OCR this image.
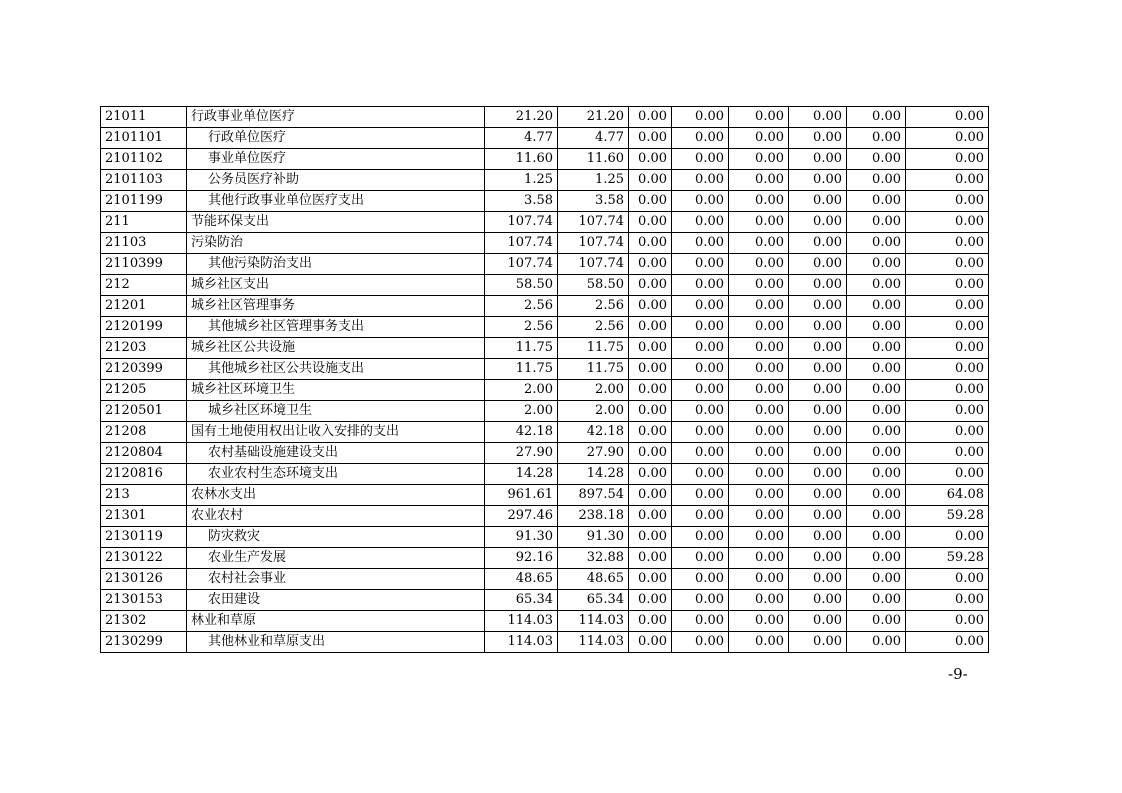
21011	行政事业单位医疗	21.20	21.20	0.00	0.00	0.00	0.00	0.00	0.00
2101101	行政单位医疗	4.77	4.77	0.00	0.00	0.00	0.00	0.00	0.00
2101102	事业单位医疗	11.60	11.60	0.00	0.00	0.00	0.00	0.00	0.00
2101103	公务员医疗补助	1.25	1.25	0.00	0.00	0.00	0.00	0.00	0.00
2101199	其他行政事业单位医疗支出	3.58	3.58	0.00	0.00	0.00	0.00	0.00	0.00
211	节能环保支出	107.74	107.74	0.00	0.00	0.00	0.00	0.00	0.00
21103	污染防治	107.74	107.74	0.00	0.00	0.00	0.00	0.00	0.00
2110399	其他污染防治支出	107.74	107.74	0.00	0.00	0.00	0.00	0.00	0.00
212	城乡社区支出	58.50	58.50	0.00	0.00	0.00	0.00	0.00	0.00
21201	城乡社区管理事务	2.56	2.56	0.00	0.00	0.00	0.00	0.00	0.00
2120199	其他城乡社区管理事务支出	2.56	2.56	0.00	0.00	0.00	0.00	0.00	0.00
21203	城乡社区公共设施	11.75	11.75	0.00	0.00	0.00	0.00	0.00	0.00
2120399	其他城乡社区公共设施支出	11.75	11.75	0.00	0.00	0.00	0.00	0.00	0.00
21205	城乡社区环境卫生	2.00	2.00	0.00	0.00	0.00	0.00	0.00	0.00
2120501	城乡社区环境卫生	2.00	2.00	0.00	0.00	0.00	0.00	0.00	0.00
21208	国有土地使用权出让收入安排的支出	42.18	42.18	0.00	0.00	0.00	0.00	0.00	0.00
2120804	农村基础设施建设支出	27.90	27.90	0.00	0.00	0.00	0.00	0.00	0.00
2120816	农业农村生态环境支出	14.28	14.28	0.00	0.00	0.00	0.00	0.00	0.00
213	农林水支出	961.61	897.54	0.00	0.00	0.00	0.00	0.00	64.08
21301	农业农村	297.46	238.18	0.00	0.00	0.00	0.00	0.00	59.28
2130119	防灾救灾	91.30	91.30	0.00	0.00	0.00	0.00	0.00	0.00
2130122	农业生产发展	92.16	32.88	0.00	0.00	0.00	0.00	0.00	59.28
2130126	农村社会事业	48.65	48.65	0.00	0.00	0.00	0.00	0.00	0.00
2130153	农田建设	65.34	65.34	0.00	0.00	0.00	0.00	0.00	0.00
21302	林业和草原	114.03	114.03	0.00	0.00	0.00	0.00	0.00	0.00
2130299	其他林业和草原支出	114.03	114.03	0.00	0.00	0.00	0.00	0.00	0.00
-9-
